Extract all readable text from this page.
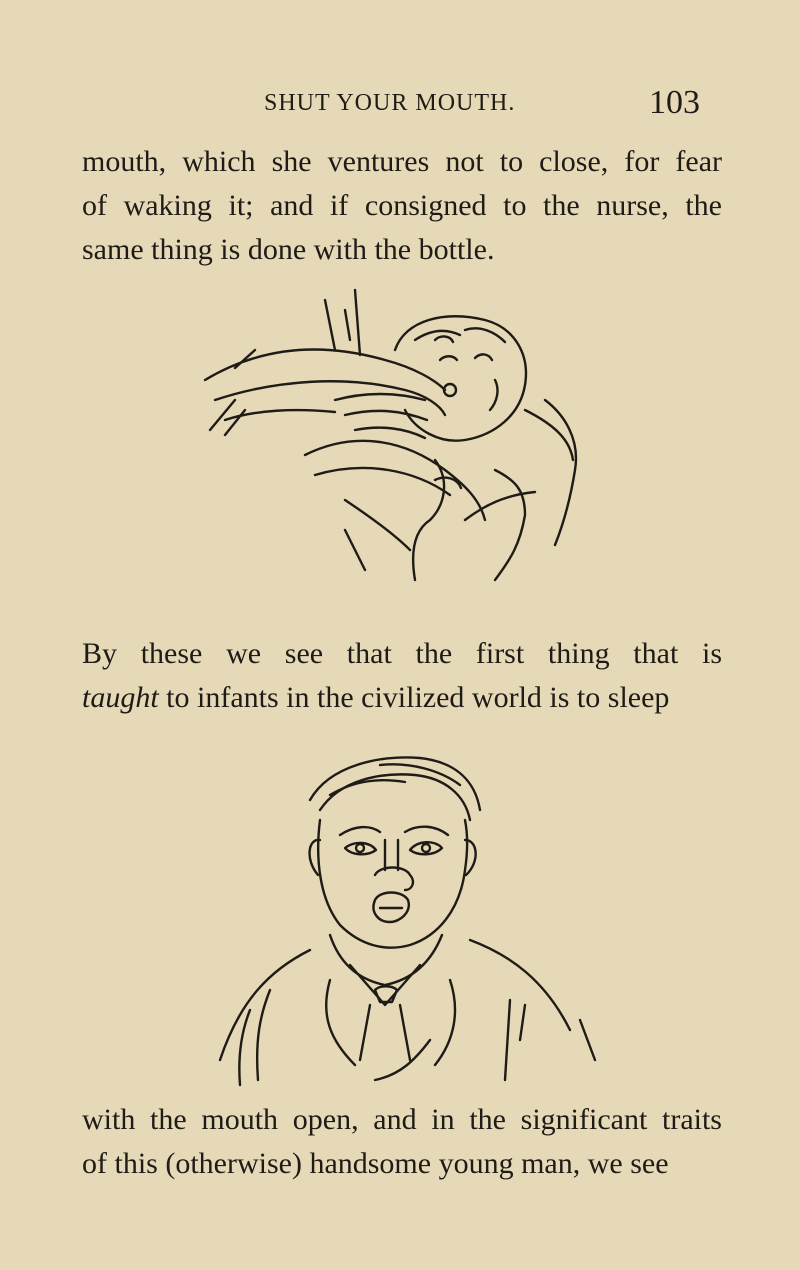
SHUT YOUR MOUTH.	103
mouth, which she ventures not to close, for fear
of waking it; and if consigned to the nurse, the
same thing is done with the bottle.
By these we see that the first thing that is
taught to infants in the civilized world is to sleep
with the mouth open, and in the significant traits
of this (otherwise) handsome young man, we see
